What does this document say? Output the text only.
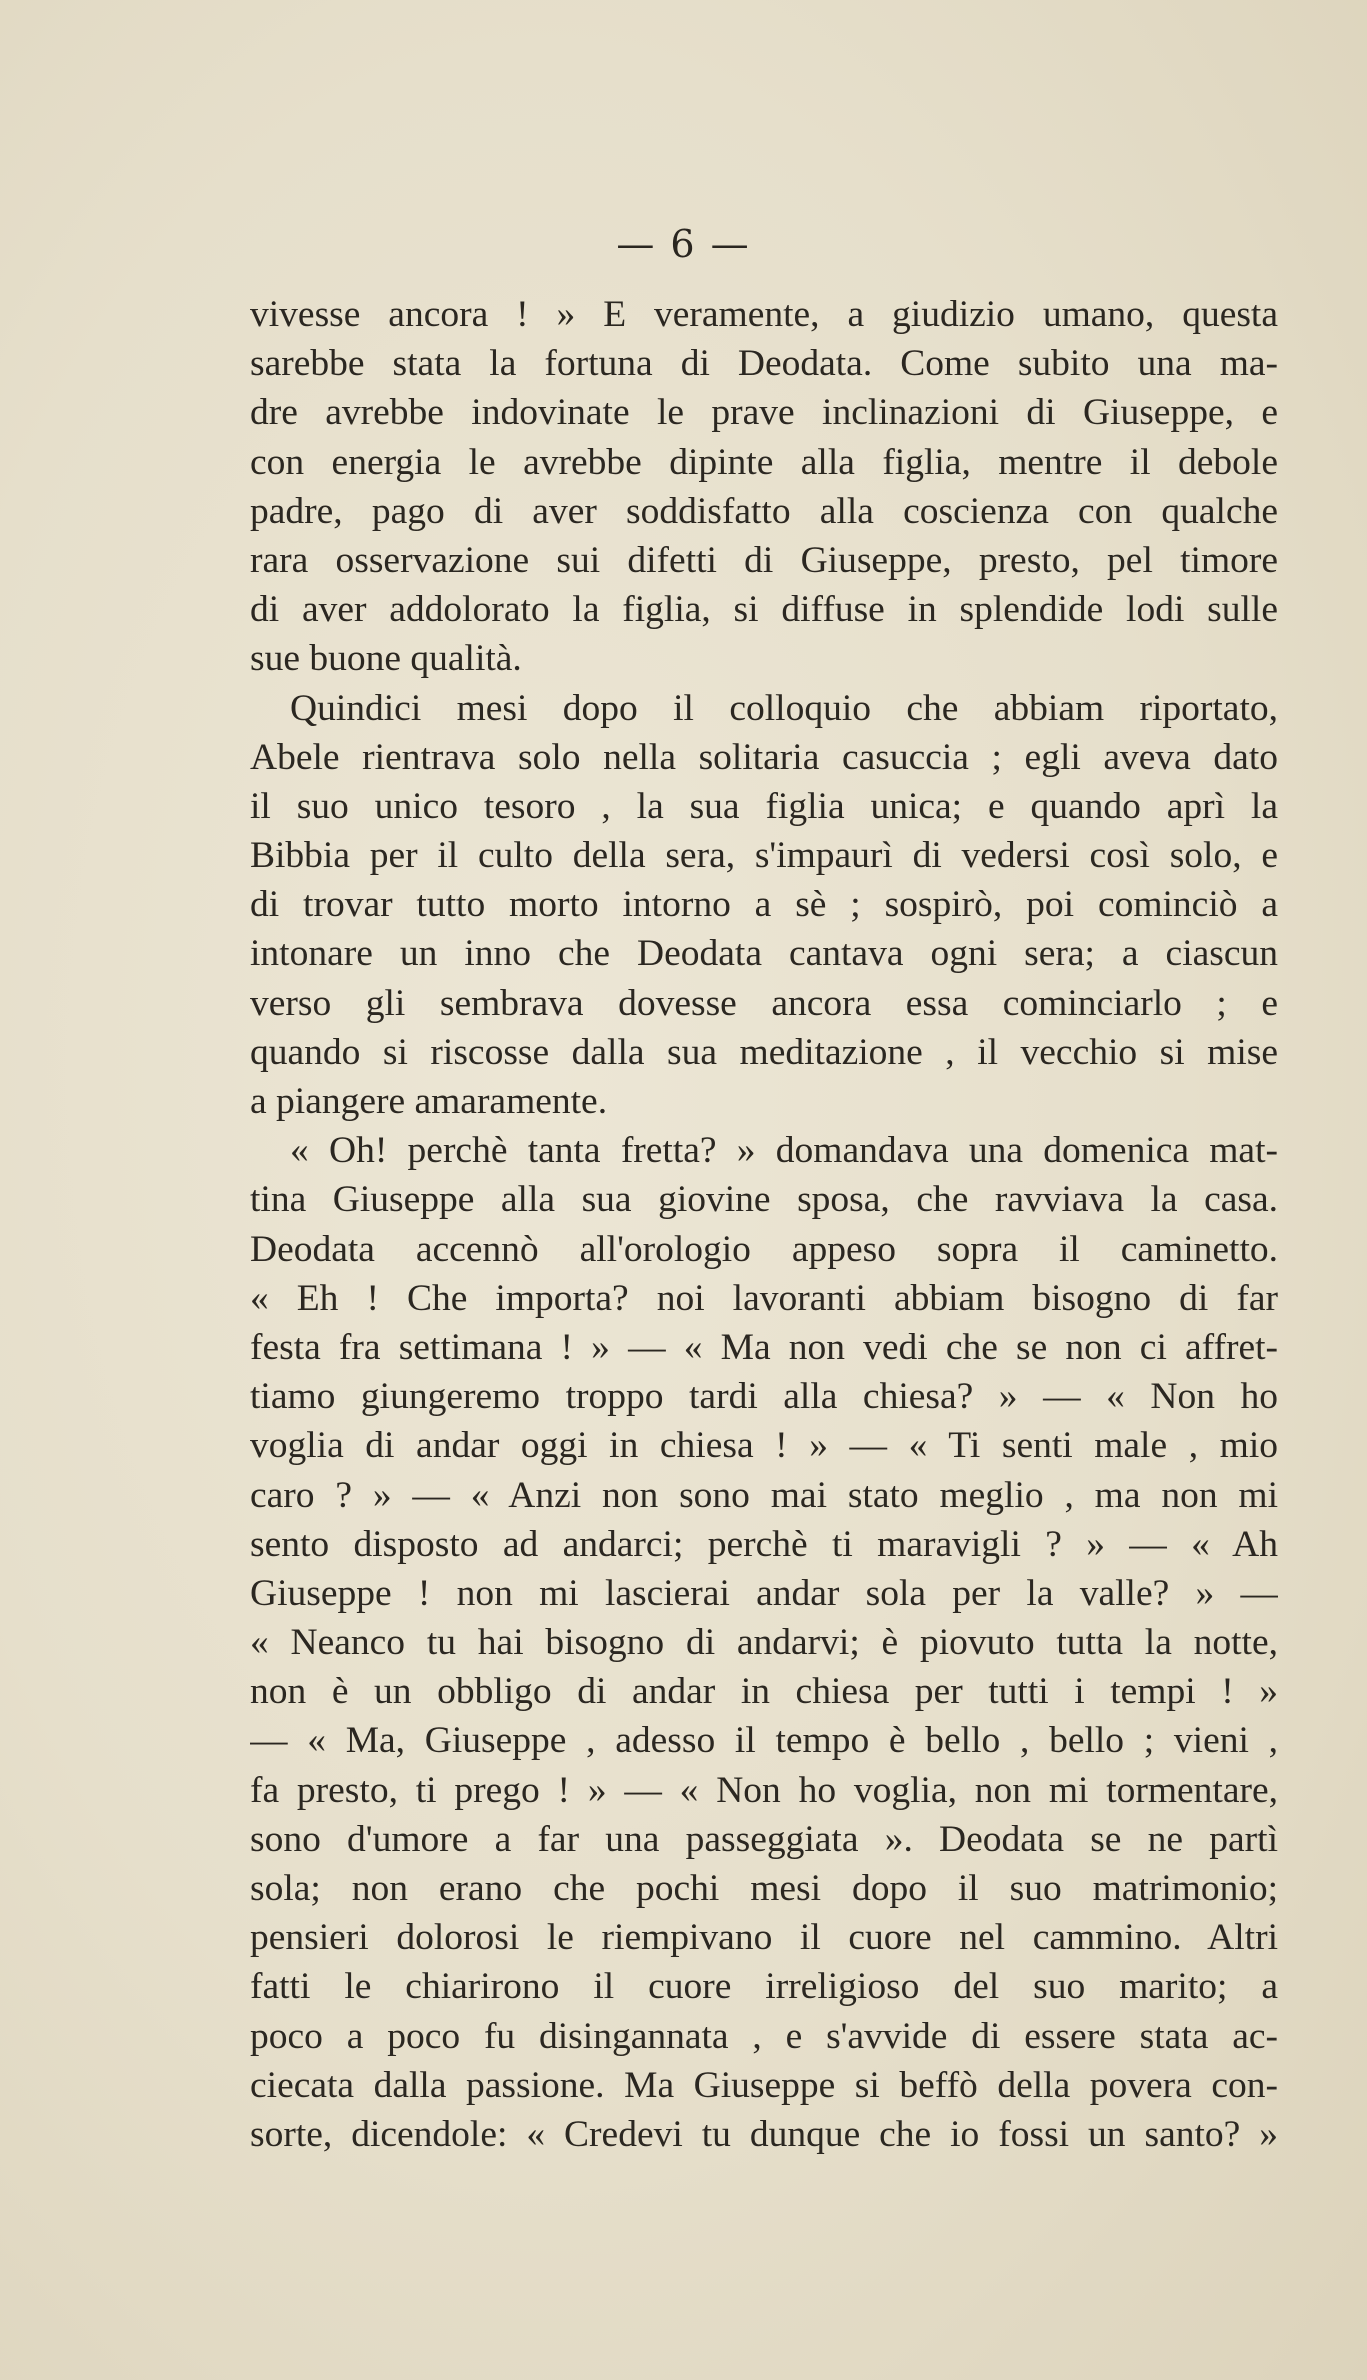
— 6 —
vivesse ancora ! » E veramente, a giudizio umano, questa
sarebbe stata la fortuna di Deodata. Come subito una ma-
dre avrebbe indovinate le prave inclinazioni di Giuseppe, e
con energia le avrebbe dipinte alla figlia, mentre il debole
padre, pago di aver soddisfatto alla coscienza con qualche
rara osservazione sui difetti di Giuseppe, presto, pel timore
di aver addolorato la figlia, si diffuse in splendide lodi sulle
sue buone qualità.
Quindici mesi dopo il colloquio che abbiam riportato,
Abele rientrava solo nella solitaria casuccia ; egli aveva dato
il suo unico tesoro , la sua figlia unica; e quando aprì la
Bibbia per il culto della sera, s'impaurì di vedersi così solo, e
di trovar tutto morto intorno a sè ; sospirò, poi cominciò a
intonare un inno che Deodata cantava ogni sera; a ciascun
verso gli sembrava dovesse ancora essa cominciarlo ; e
quando si riscosse dalla sua meditazione , il vecchio si mise
a piangere amaramente.
« Oh! perchè tanta fretta? » domandava una domenica mat-
tina Giuseppe alla sua giovine sposa, che ravviava la casa.
Deodata accennò all'orologio appeso sopra il caminetto.
« Eh ! Che importa? noi lavoranti abbiam bisogno di far
festa fra settimana ! » — « Ma non vedi che se non ci affret-
tiamo giungeremo troppo tardi alla chiesa? » — « Non ho
voglia di andar oggi in chiesa ! » — « Ti senti male , mio
caro ? » — « Anzi non sono mai stato meglio , ma non mi
sento disposto ad andarci; perchè ti maravigli ? » — « Ah
Giuseppe ! non mi lascierai andar sola per la valle? » —
« Neanco tu hai bisogno di andarvi; è piovuto tutta la notte,
non è un obbligo di andar in chiesa per tutti i tempi ! »
— « Ma, Giuseppe , adesso il tempo è bello , bello ; vieni ,
fa presto, ti prego ! » — « Non ho voglia, non mi tormentare,
sono d'umore a far una passeggiata ». Deodata se ne partì
sola; non erano che pochi mesi dopo il suo matrimonio;
pensieri dolorosi le riempivano il cuore nel cammino. Altri
fatti le chiarirono il cuore irreligioso del suo marito; a
poco a poco fu disingannata , e s'avvide di essere stata ac-
ciecata dalla passione. Ma Giuseppe si beffò della povera con-
sorte, dicendole: « Credevi tu dunque che io fossi un santo? »
